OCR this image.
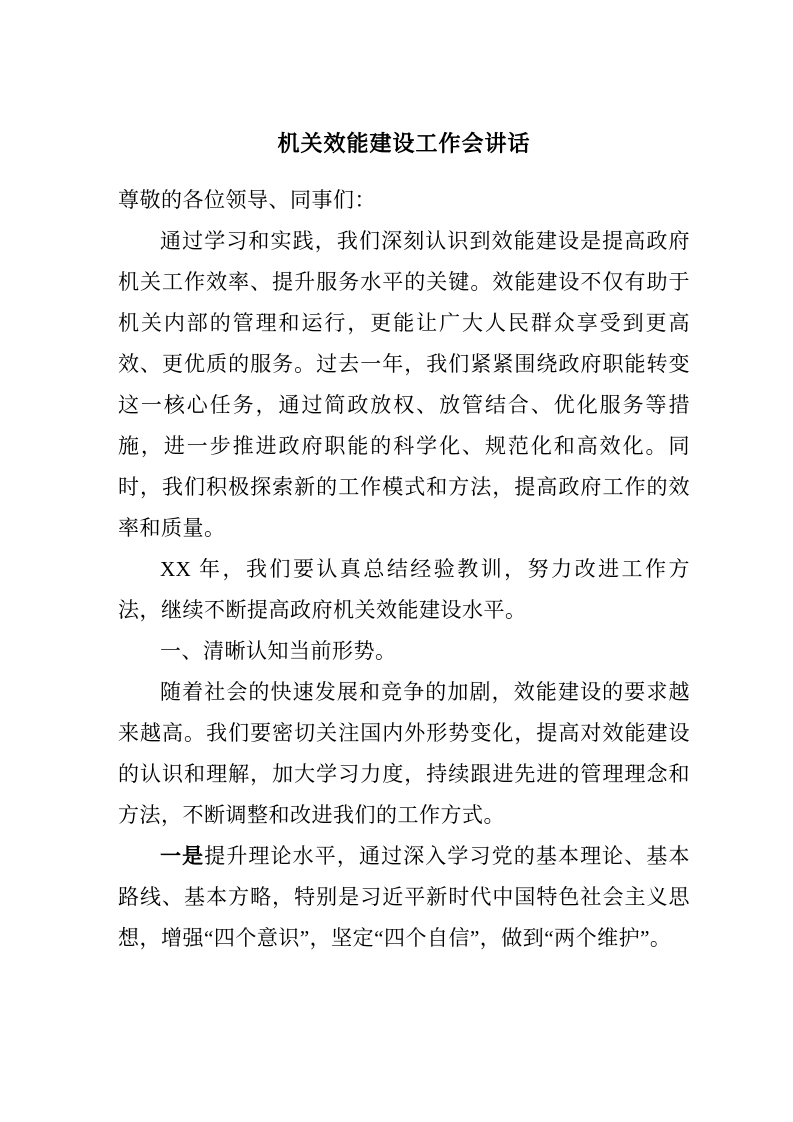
机关效能建设工作会讲话

尊敬的各位领导、同事们：

通过学习和实践，我们深刻认识到效能建设是提高政府机关工作效率、提升服务水平的关键。效能建设不仅有助于机关内部的管理和运行，更能让广大人民群众享受到更高效、更优质的服务。过去一年，我们紧紧围绕政府职能转变这一核心任务，通过简政放权、放管结合、优化服务等措施，进一步推进政府职能的科学化、规范化和高效化。同时，我们积极探索新的工作模式和方法，提高政府工作的效率和质量。

XX 年，我们要认真总结经验教训，努力改进工作方法，继续不断提高政府机关效能建设水平。

一、清晰认知当前形势。

随着社会的快速发展和竞争的加剧，效能建设的要求越来越高。我们要密切关注国内外形势变化，提高对效能建设的认识和理解，加大学习力度，持续跟进先进的管理理念和方法，不断调整和改进我们的工作方式。

一是提升理论水平，通过深入学习党的基本理论、基本路线、基本方略，特别是习近平新时代中国特色社会主义思想，增强“四个意识”，坚定“四个自信”，做到“两个维护”。
